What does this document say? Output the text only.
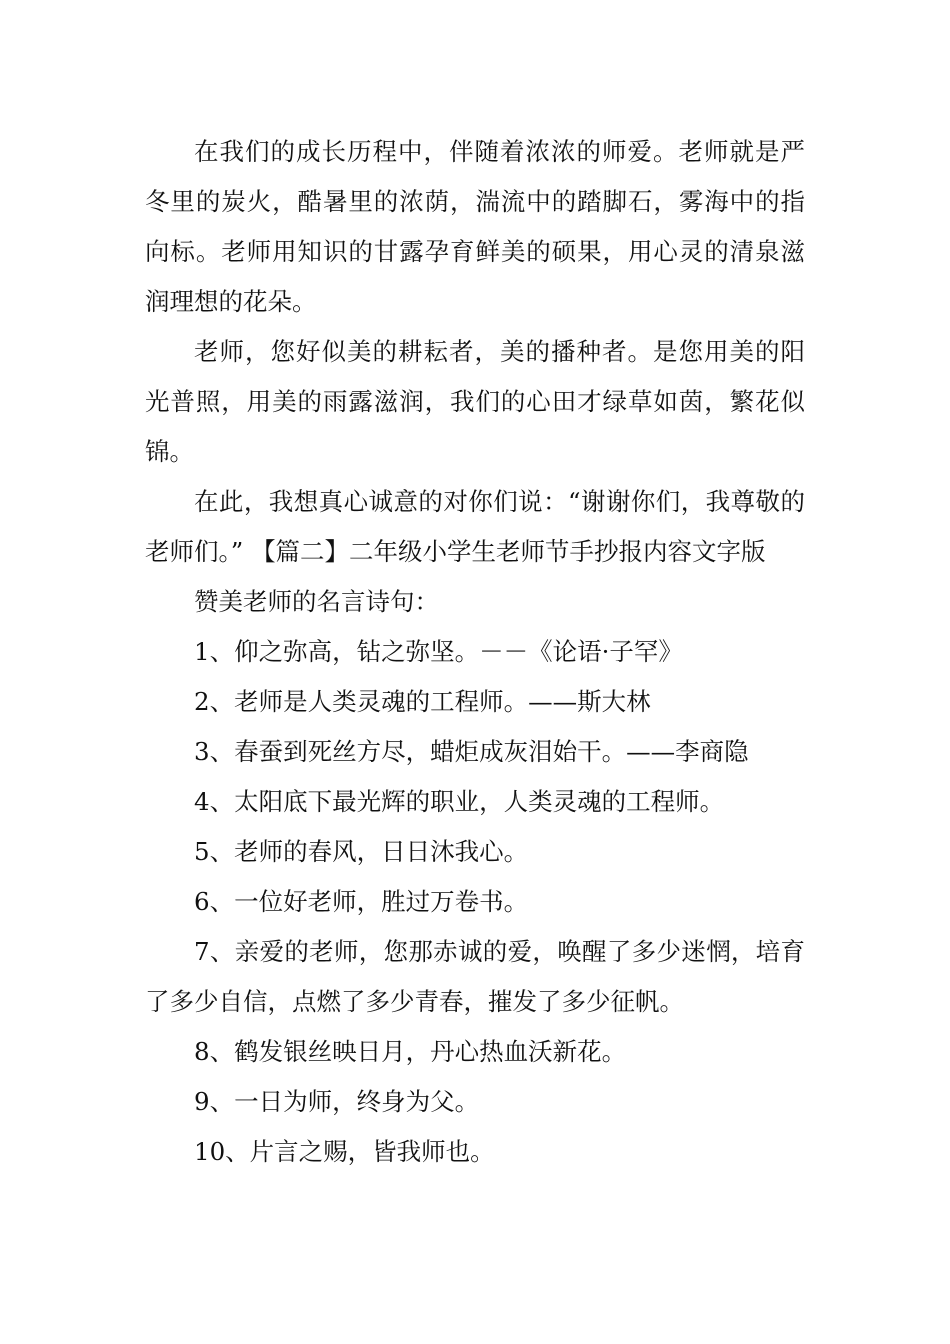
在我们的成长历程中，伴随着浓浓的师爱。老师就是严冬里的炭火，酷暑里的浓荫，湍流中的踏脚石，雾海中的指向标。老师用知识的甘露孕育鲜美的硕果，用心灵的清泉滋润理想的花朵。

老师，您好似美的耕耘者，美的播种者。是您用美的阳光普照，用美的雨露滋润，我们的心田才绿草如茵，繁花似锦。

在此，我想真心诚意的对你们说：“谢谢你们，我尊敬的老师们。” 【篇二】二年级小学生老师节手抄报内容文字版

赞美老师的名言诗句：

1、仰之弥高，钻之弥坚。－－《论语·子罕》

2、老师是人类灵魂的工程师。——斯大林

3、春蚕到死丝方尽，蜡炬成灰泪始干。——李商隐

4、太阳底下最光辉的职业，人类灵魂的工程师。

5、老师的春风，日日沐我心。

6、一位好老师，胜过万卷书。

7、亲爱的老师，您那赤诚的爱，唤醒了多少迷惘，培育了多少自信，点燃了多少青春，摧发了多少征帆。

8、鹤发银丝映日月，丹心热血沃新花。

9、一日为师，终身为父。

10、片言之赐，皆我师也。
